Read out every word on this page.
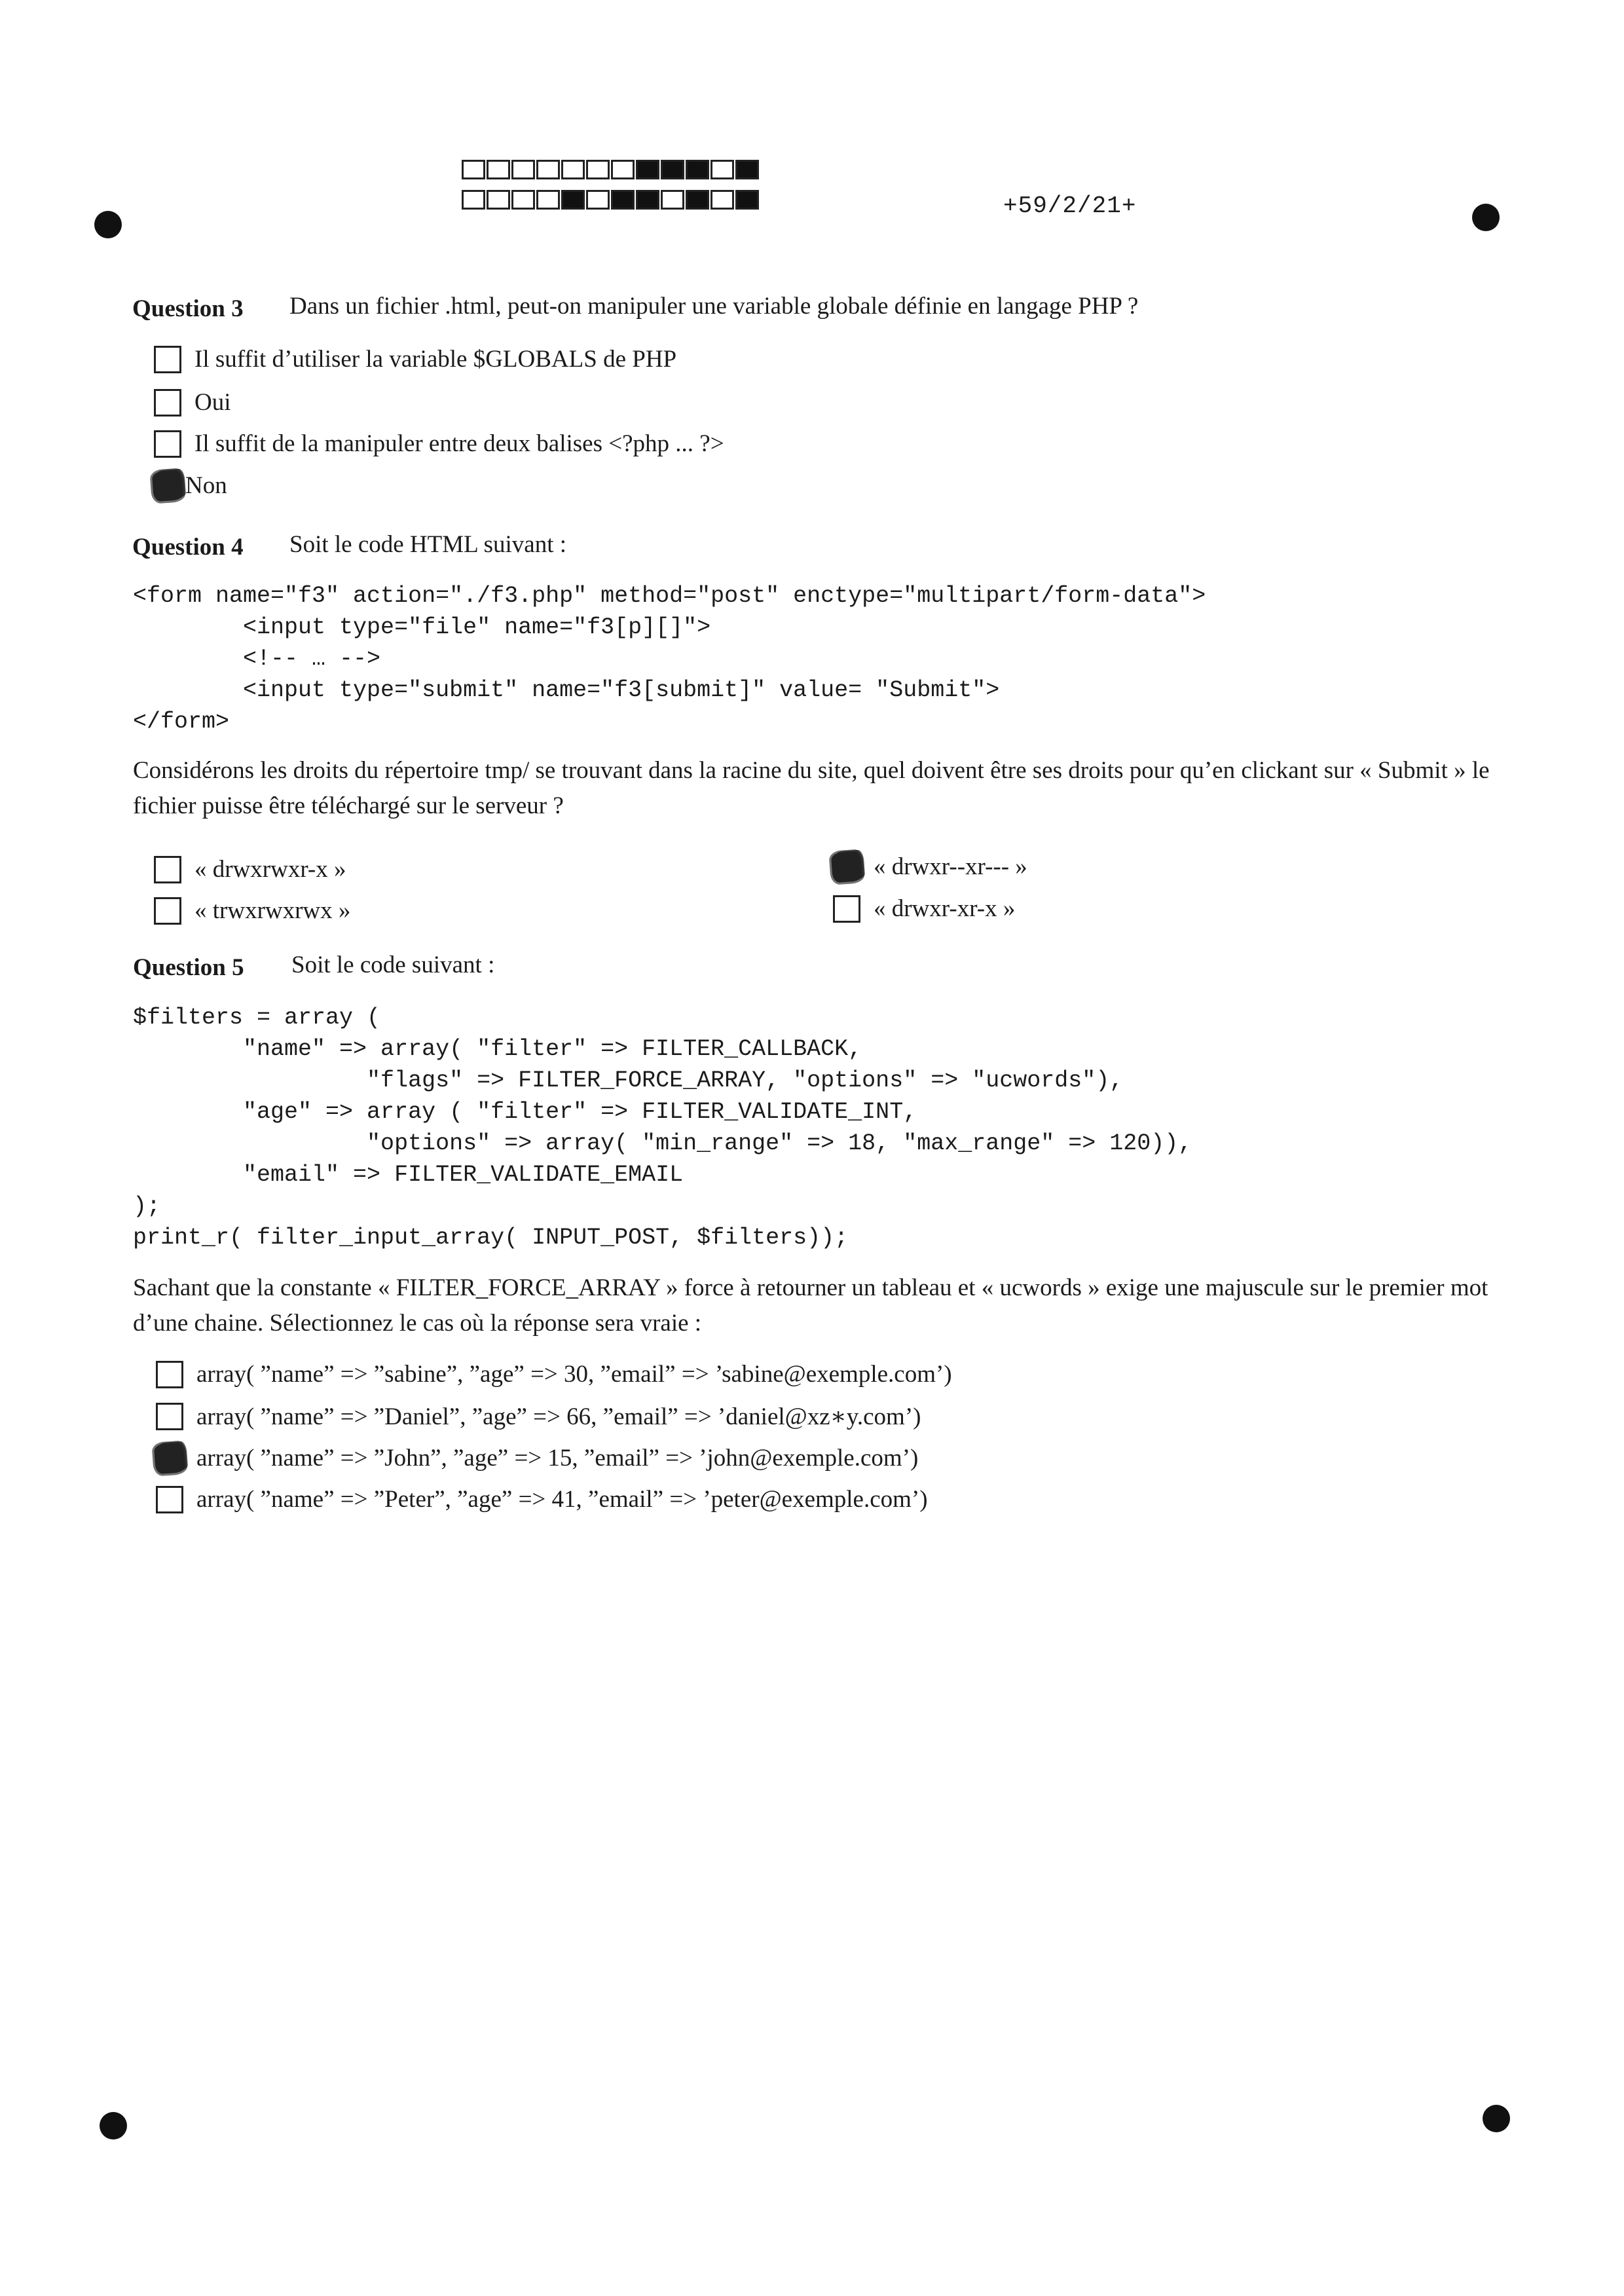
+59/2/21+
Question 3 Dans un fichier .html, peut-on manipuler une variable globale définie en langage PHP ?
Il suffit d’utiliser la variable $GLOBALS de PHP
Oui
Il suffit de la manipuler entre deux balises <?php ... ?>
Non
Question 4 Soit le code HTML suivant :
<form name="f3" action="./f3.php" method="post" enctype="multipart/form-data">
<input type="file" name="f3[p][]">
<!-- … -->
<input type="submit" name="f3[submit]" value= "Submit">
</form>
Considérons les droits du répertoire tmp/ se trouvant dans la racine du site, quel doivent être ses droits pour qu’en clickant sur « Submit » le fichier puisse être téléchargé sur le serveur ?
« drwxrwxr-x »
« trwxrwxrwx »
« drwxr--xr--- »
« drwxr-xr-x »
Question 5 Soit le code suivant :
$filters = array (
"name" => array( "filter" => FILTER_CALLBACK,
"flags" => FILTER_FORCE_ARRAY, "options" => "ucwords"),
"age" => array ( "filter" => FILTER_VALIDATE_INT,
"options" => array( "min_range" => 18, "max_range" => 120)),
"email" => FILTER_VALIDATE_EMAIL
);
print_r( filter_input_array( INPUT_POST, $filters));
Sachant que la constante « FILTER_FORCE_ARRAY » force à retourner un tableau et « ucwords » exige une majuscule sur le premier mot d’une chaine. Sélectionnez le cas où la réponse sera vraie :
array( ”name” => ”sabine”, ”age” => 30, ”email” => ’sabine@exemple.com’)
array( ”name” => ”Daniel”, ”age” => 66, ”email” => ’daniel@xz∗y.com’)
array( ”name” => ”John”, ”age” => 15, ”email” => ’john@exemple.com’)
array( ”name” => ”Peter”, ”age” => 41, ”email” => ’peter@exemple.com’)
